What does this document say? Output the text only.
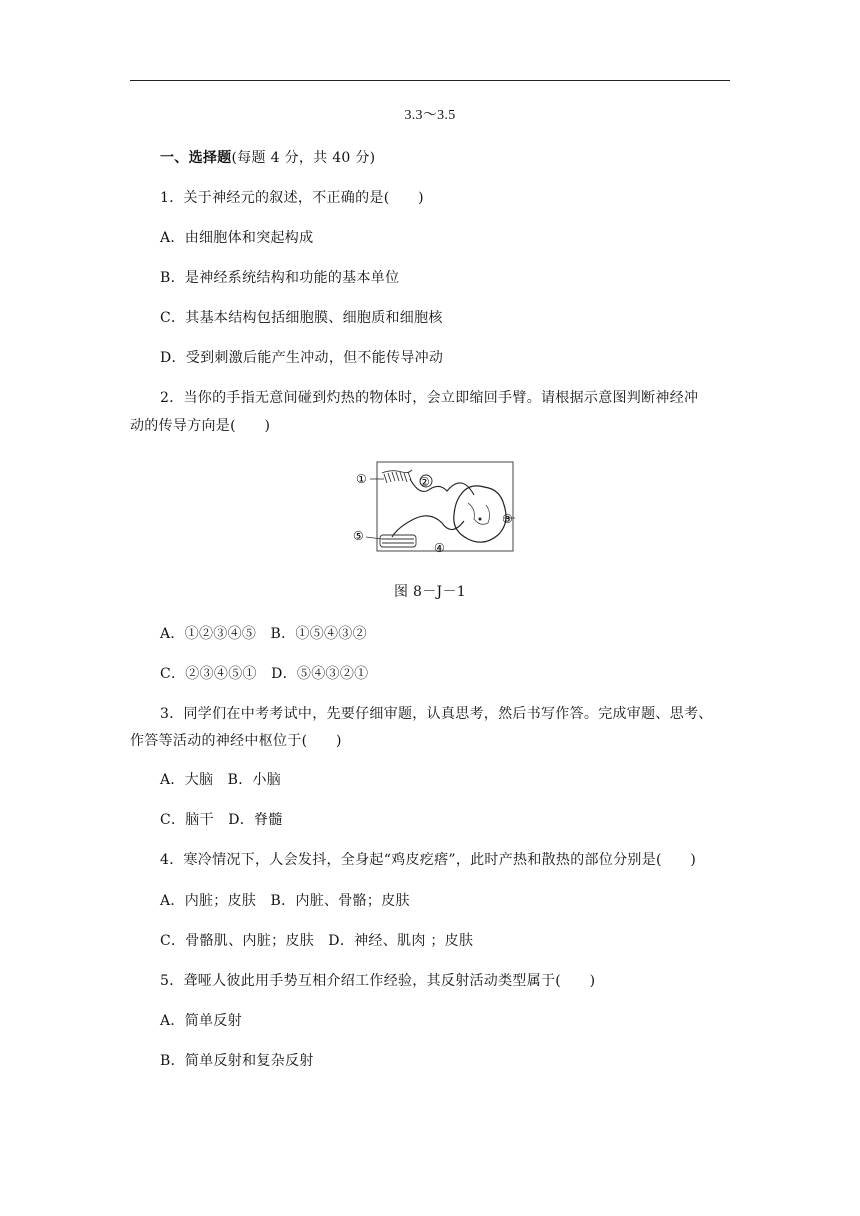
3.3～3.5
一、选择题(每题 4 分，共 40 分)
1．关于神经元的叙述，不正确的是(　　)
A．由细胞体和突起构成
B．是神经系统结构和功能的基本单位
C．其基本结构包括细胞膜、细胞质和细胞核
D．受到刺激后能产生冲动，但不能传导冲动
2．当你的手指无意间碰到灼热的物体时，会立即缩回手臂。请根据示意图判断神经冲
动的传导方向是(　　)
①	②
③
④
⑤
图 8－J－1
A．①②③④⑤　B．①⑤④③②
C．②③④⑤①　D．⑤④③②①
3．同学们在中考考试中，先要仔细审题，认真思考，然后书写作答。完成审题、思考、
作答等活动的神经中枢位于(　　)
A．大脑　B．小脑
C．脑干　D．脊髓
4．寒冷情况下，人会发抖，全身起“鸡皮疙瘩”，此时产热和散热的部位分别是(　　)
A．内脏；皮肤　B．内脏、骨骼；皮肤
C．骨骼肌、内脏；皮肤　D．神经、肌肉 ；皮肤
5．聋哑人彼此用手势互相介绍工作经验，其反射活动类型属于(　　)
A．简单反射
B．简单反射和复杂反射
